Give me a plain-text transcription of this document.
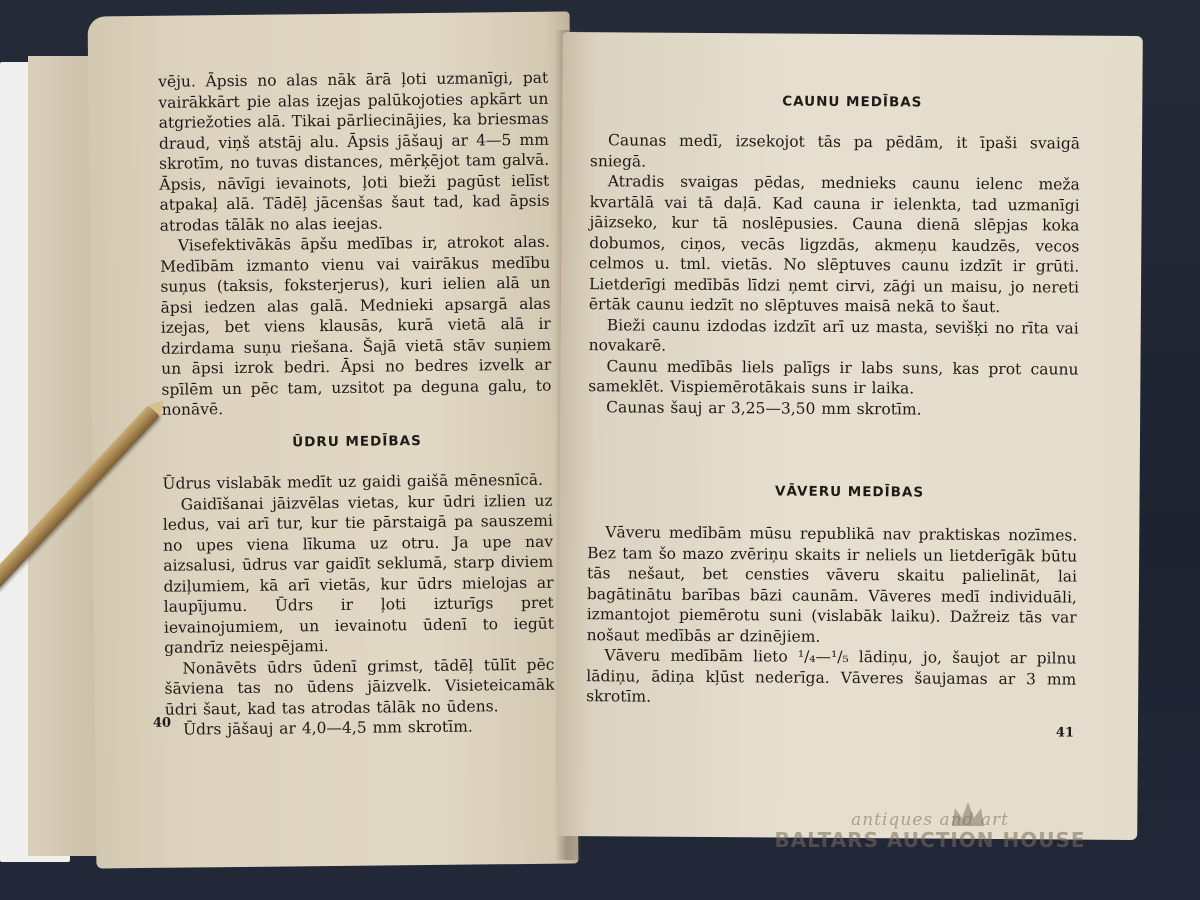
vēju. Āpsis no alas nāk ārā ļoti uzmanīgi, pat vairākkārt pie alas izejas palūkojoties apkārt un atgriežoties alā. Tikai pārliecinājies, ka briesmas draud, viņš atstāj alu. Āpsis jāšauj ar 4—5 mm skrotīm, no tuvas distances, mērķējot tam galvā. Āpsis, nāvīgi ievainots, ļoti bieži pagūst ielīst atpakaļ alā. Tādēļ jācenšas šaut tad, kad āpsis atrodas tālāk no alas ieejas.

Visefektivākās āpšu medības ir, atrokot alas. Medībām izmanto vienu vai vairākus medību suņus (taksis, foksterjerus), kuri ielien alā un āpsi iedzen alas galā. Mednieki apsargā alas izejas, bet viens klausās, kurā vietā alā ir dzirdama suņu riešana. Šajā vietā stāv suņiem un āpsi izrok bedri. Āpsi no bedres izvelk ar spīlēm un pēc tam, uzsitot pa deguna galu, to nonāvē.

ŪDRU MEDĪBAS

Ūdrus vislabāk medīt uz gaidi gaišā mēnesnīcā.

Gaidīšanai jāizvēlas vietas, kur ūdri izlien uz ledus, vai arī tur, kur tie pārstaigā pa sauszemi no upes viena līkuma uz otru. Ja upe nav aizsalusi, ūdrus var gaidīt seklumā, starp diviem dziļumiem, kā arī vietās, kur ūdrs mielojas ar laupījumu. Ūdrs ir ļoti izturīgs pret ievainojumiem, un ievainotu ūdenī to iegūt gandrīz neiespējami.

Nonāvēts ūdrs ūdenī grimst, tādēļ tūlīt pēc šāviena tas no ūdens jāizvelk. Visieteicamāk ūdri šaut, kad tas atrodas tālāk no ūdens.

Ūdrs jāšauj ar 4,0—4,5 mm skrotīm.

40
CAUNU MEDĪBAS

Caunas medī, izsekojot tās pa pēdām, it īpaši svaigā sniegā.

Atradis svaigas pēdas, mednieks caunu ielenc meža kvartālā vai tā daļā. Kad cauna ir ielenkta, tad uzmanīgi jāizseko, kur tā noslēpusies. Cauna dienā slēpjas koka dobumos, ciņos, vecās ligzdās, akmeņu kaudzēs, vecos celmos u. tml. vietās. No slēptuves caunu izdzīt ir grūti. Lietderīgi medībās līdzi ņemt cirvi, zāģi un maisu, jo nereti ērtāk caunu iedzīt no slēptuves maisā nekā to šaut.

Bieži caunu izdodas izdzīt arī uz masta, sevišķi no rīta vai novakarē.

Caunu medībās liels palīgs ir labs suns, kas prot caunu sameklēt. Vispiemērotākais suns ir laika.

Caunas šauj ar 3,25—3,50 mm skrotīm.

VĀVERU MEDĪBAS

Vāveru medībām mūsu republikā nav praktiskas nozīmes. Bez tam šo mazo zvēriņu skaits ir neliels un lietderīgāk būtu tās nešaut, bet censties vāveru skaitu palielināt, lai bagātinātu barības bāzi caunām. Vāveres medī individuāli, izmantojot piemērotu suni (vislabāk laiku). Dažreiz tās var nošaut medībās ar dzinējiem.

Vāveru medībām lieto ¹/₄—¹/₅ lādiņu, jo, šaujot ar pilnu lādiņu, ādiņa kļūst nederīga. Vāveres šaujamas ar 3 mm skrotīm.

41
antiques and art
BALTARS AUCTION HOUSE
